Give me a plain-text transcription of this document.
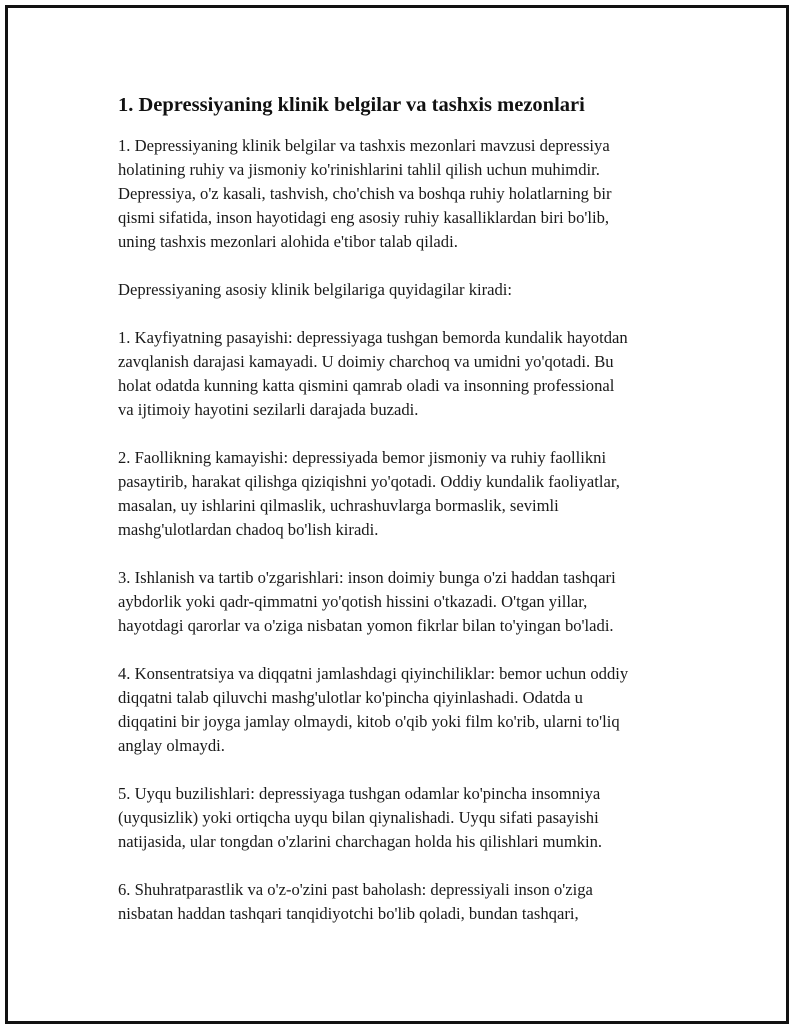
1. Depressiyaning klinik belgilar va tashxis mezonlari

1. Depressiyaning klinik belgilar va tashxis mezonlari mavzusi depressiya
holatining ruhiy va jismoniy ko'rinishlarini tahlil qilish uchun muhimdir.
Depressiya, o'z kasali, tashvish, cho'chish va boshqa ruhiy holatlarning bir
qismi sifatida, inson hayotidagi eng asosiy ruhiy kasalliklardan biri bo'lib,
uning tashxis mezonlari alohida e'tibor talab qiladi.

Depressiyaning asosiy klinik belgilariga quyidagilar kiradi:

1. Kayfiyatning pasayishi: depressiyaga tushgan bemorda kundalik hayotdan
zavqlanish darajasi kamayadi. U doimiy charchoq va umidni yo'qotadi. Bu
holat odatda kunning katta qismini qamrab oladi va insonning professional
va ijtimoiy hayotini sezilarli darajada buzadi.

2. Faollikning kamayishi: depressiyada bemor jismoniy va ruhiy faollikni
pasaytirib, harakat qilishga qiziqishni yo'qotadi. Oddiy kundalik faoliyatlar,
masalan, uy ishlarini qilmaslik, uchrashuvlarga bormaslik, sevimli
mashg'ulotlardan chadoq bo'lish kiradi.

3. Ishlanish va tartib o'zgarishlari: inson doimiy bunga o'zi haddan tashqari
aybdorlik yoki qadr-qimmatni yo'qotish hissini o'tkazadi. O'tgan yillar,
hayotdagi qarorlar va o'ziga nisbatan yomon fikrlar bilan to'yingan bo'ladi.

4. Konsentratsiya va diqqatni jamlashdagi qiyinchiliklar: bemor uchun oddiy
diqqatni talab qiluvchi mashg'ulotlar ko'pincha qiyinlashadi. Odatda u
diqqatini bir joyga jamlay olmaydi, kitob o'qib yoki film ko'rib, ularni to'liq
anglay olmaydi.

5. Uyqu buzilishlari: depressiyaga tushgan odamlar ko'pincha insomniya
(uyqusizlik) yoki ortiqcha uyqu bilan qiynalishadi. Uyqu sifati pasayishi
natijasida, ular tongdan o'zlarini charchagan holda his qilishlari mumkin.

6. Shuhratparastlik va o'z-o'zini past baholash: depressiyali inson o'ziga
nisbatan haddan tashqari tanqidiyotchi bo'lib qoladi, bundan tashqari,
